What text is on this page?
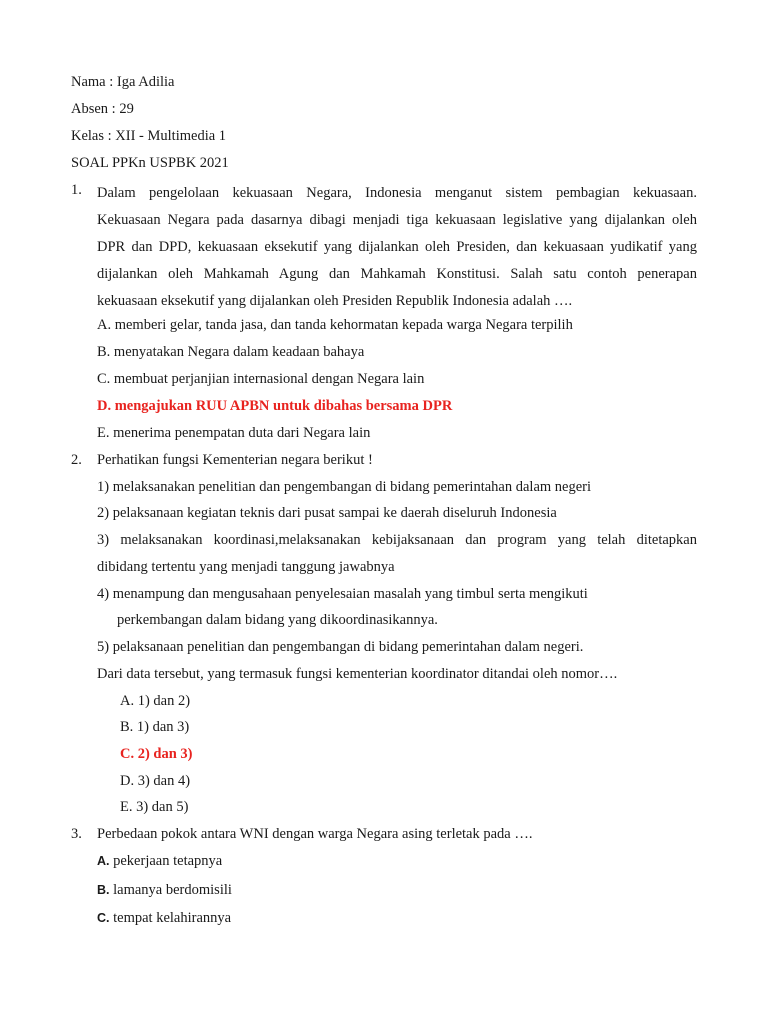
Nama : Iga Adilia
Absen : 29
Kelas : XII - Multimedia 1
SOAL PPKn USPBK 2021
1. Dalam pengelolaan kekuasaan Negara, Indonesia menganut sistem pembagian kekuasaan.
Kekuasaan Negara pada dasarnya dibagi menjadi tiga kekuasaan legislative yang dijalankan oleh
DPR dan DPD, kekuasaan eksekutif yang dijalankan oleh Presiden, dan kekuasaan yudikatif yang
dijalankan oleh Mahkamah Agung dan Mahkamah Konstitusi. Salah satu contoh penerapan
kekuasaan eksekutif yang dijalankan oleh Presiden Republik Indonesia adalah ….
A. memberi gelar, tanda jasa, dan tanda kehormatan kepada warga Negara terpilih
B. menyatakan Negara dalam keadaan bahaya
C. membuat perjanjian internasional dengan Negara lain
D. mengajukan RUU APBN untuk dibahas bersama DPR
E. menerima penempatan duta dari Negara lain
2. Perhatikan fungsi Kementerian negara berikut !
1) melaksanakan penelitian dan pengembangan di bidang pemerintahan dalam negeri
2) pelaksanaan kegiatan teknis dari pusat sampai ke daerah diseluruh Indonesia
3) melaksanakan koordinasi,melaksanakan kebijaksanaan dan program yang telah ditetapkan
dibidang tertentu yang menjadi tanggung jawabnya
4) menampung dan mengusahaan penyelesaian masalah yang timbul serta mengikuti
perkembangan dalam bidang yang dikoordinasikannya.
5) pelaksanaan penelitian dan pengembangan di bidang pemerintahan dalam negeri.
Dari data tersebut, yang termasuk fungsi kementerian koordinator ditandai oleh nomor….
A. 1) dan 2)
B. 1) dan 3)
C. 2) dan 3)
D. 3) dan 4)
E. 3) dan 5)
3. Perbedaan pokok antara WNI dengan warga Negara asing terletak pada ….
A. pekerjaan tetapnya
B. lamanya berdomisili
C. tempat kelahirannya
